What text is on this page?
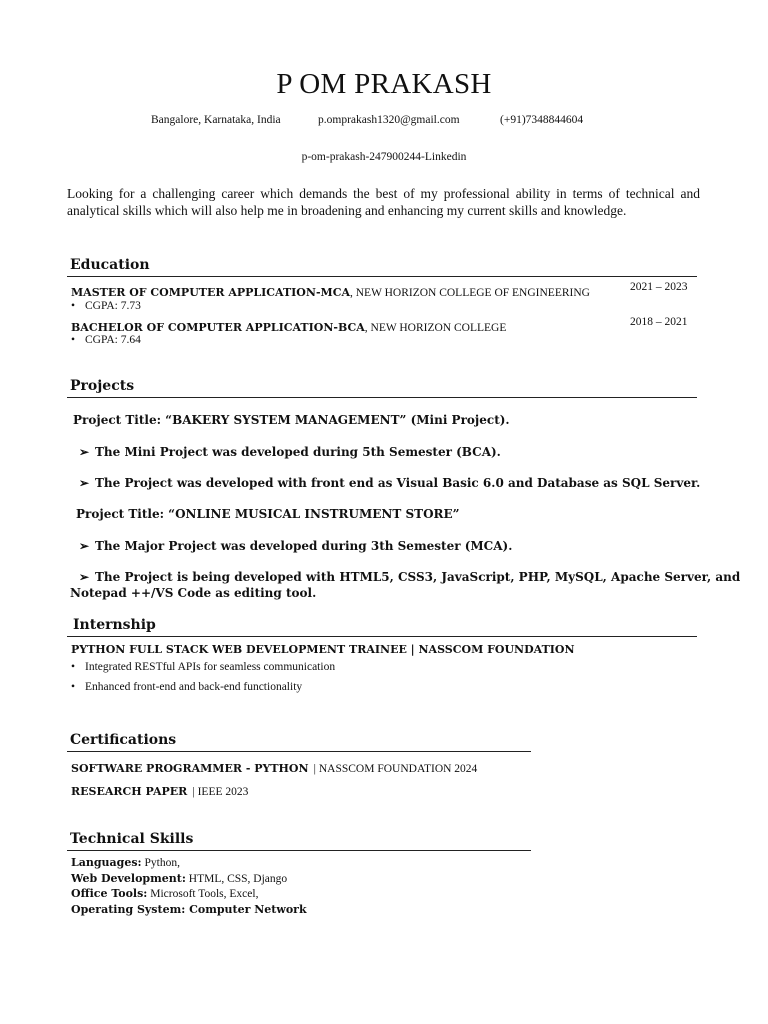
P OM PRAKASH
Bangalore, Karnataka, India	p.omprakash1320@gmail.com	(+91)7348844604
p-om-prakash-247900244-Linkedin
Looking for a challenging career which demands the best of my professional ability in terms of technical and analytical skills which will also help me in broadening and enhancing my current skills and knowledge.
Education
MASTER OF COMPUTER APPLICATION-MCA, NEW HORIZON COLLEGE OF ENGINEERING	2021 – 2023
• CGPA: 7.73
BACHELOR OF COMPUTER APPLICATION-BCA, NEW HORIZON COLLEGE	2018 – 2021
• CGPA: 7.64
Projects
Project Title: “BAKERY SYSTEM MANAGEMENT” (Mini Project).
➢ The Mini Project was developed during 5th Semester (BCA).
➢ The Project was developed with front end as Visual Basic 6.0 and Database as SQL Server.
Project Title: “ONLINE MUSICAL INSTRUMENT STORE”
➢ The Major Project was developed during 3th Semester (MCA).
➢ The Project is being developed with HTML5, CSS3, JavaScript, PHP, MySQL, Apache Server, and
Notepad ++/VS Code as editing tool.
Internship
PYTHON FULL STACK WEB DEVELOPMENT TRAINEE | NASSCOM FOUNDATION
• Integrated RESTful APIs for seamless communication
• Enhanced front-end and back-end functionality
Certifications
SOFTWARE PROGRAMMER - PYTHON | NASSCOM FOUNDATION 2024
RESEARCH PAPER | IEEE 2023
Technical Skills
Languages: Python,
Web Development: HTML, CSS, Django
Office Tools: Microsoft Tools, Excel,
Operating System: Computer Network
